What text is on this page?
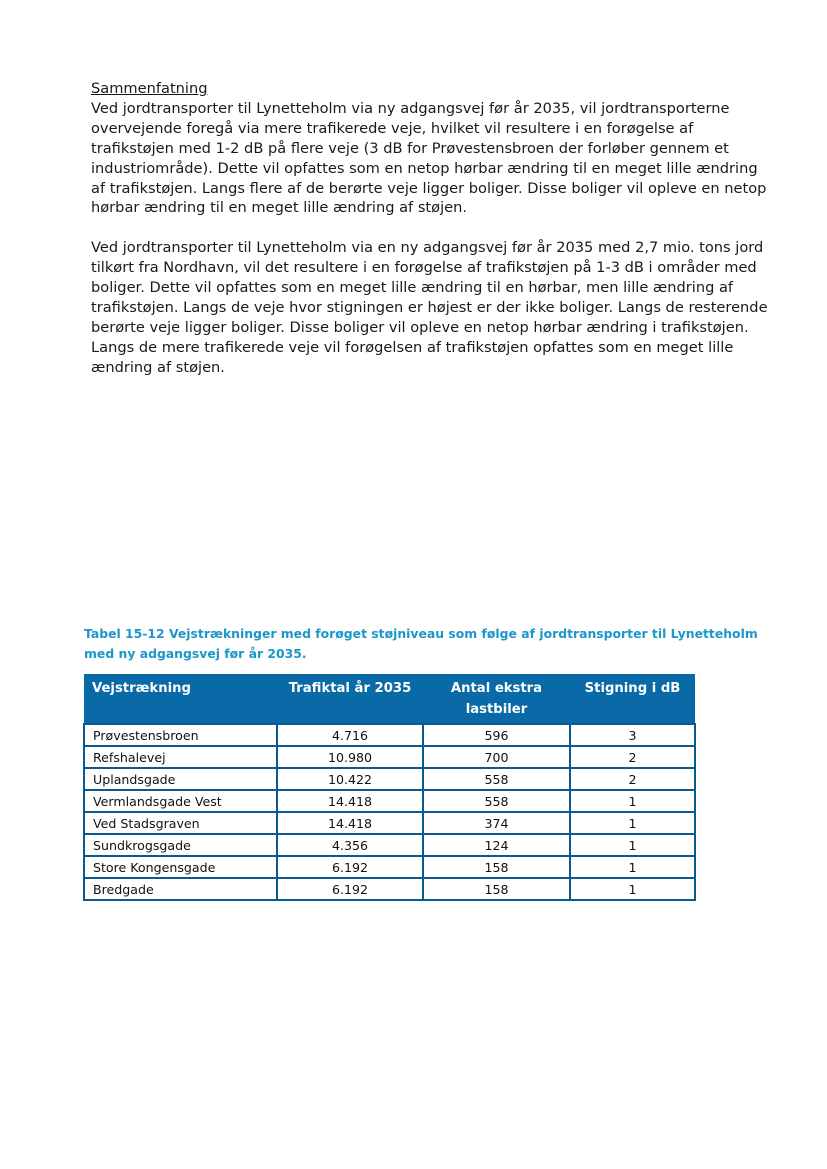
Sammenfatning

Ved jordtransporter til Lynetteholm via ny adgangsvej før år 2035, vil jordtransporterne overvejende foregå via mere trafikerede veje, hvilket vil resultere i en forøgelse af trafikstøjen med 1-2 dB på flere veje (3 dB for Prøvestensbroen der forløber gennem et industriområde). Dette vil opfattes som en netop hørbar ændring til en meget lille ændring af trafikstøjen. Langs flere af de berørte veje ligger boliger. Disse boliger vil opleve en netop hørbar ændring til en meget lille ændring af støjen.

Ved jordtransporter til Lynetteholm via en ny adgangsvej før år 2035 med 2,7 mio. tons jord tilkørt fra Nordhavn, vil det resultere i en forøgelse af trafikstøjen på 1-3 dB i områder med boliger. Dette vil opfattes som en meget lille ændring til en hørbar, men lille ændring af trafikstøjen. Langs de veje hvor stigningen er højest er der ikke boliger. Langs de resterende berørte veje ligger boliger. Disse boliger vil opleve en netop hørbar ændring i trafikstøjen. Langs de mere trafikerede veje vil forøgelsen af trafikstøjen opfattes som en meget lille ændring af støjen.

Tabel 15-12 Vejstrækninger med forøget støjniveau som følge af jordtransporter til Lynetteholm med ny adgangsvej før år 2035.

Vejstrækning	Trafiktal år 2035	Antal ekstra lastbiler	Stigning i dB
Prøvestensbroen	4.716	596	3
Refshalevej	10.980	700	2
Uplandsgade	10.422	558	2
Vermlandsgade Vest	14.418	558	1
Ved Stadsgraven	14.418	374	1
Sundkrogsgade	4.356	124	1
Store Kongensgade	6.192	158	1
Bredgade	6.192	158	1
